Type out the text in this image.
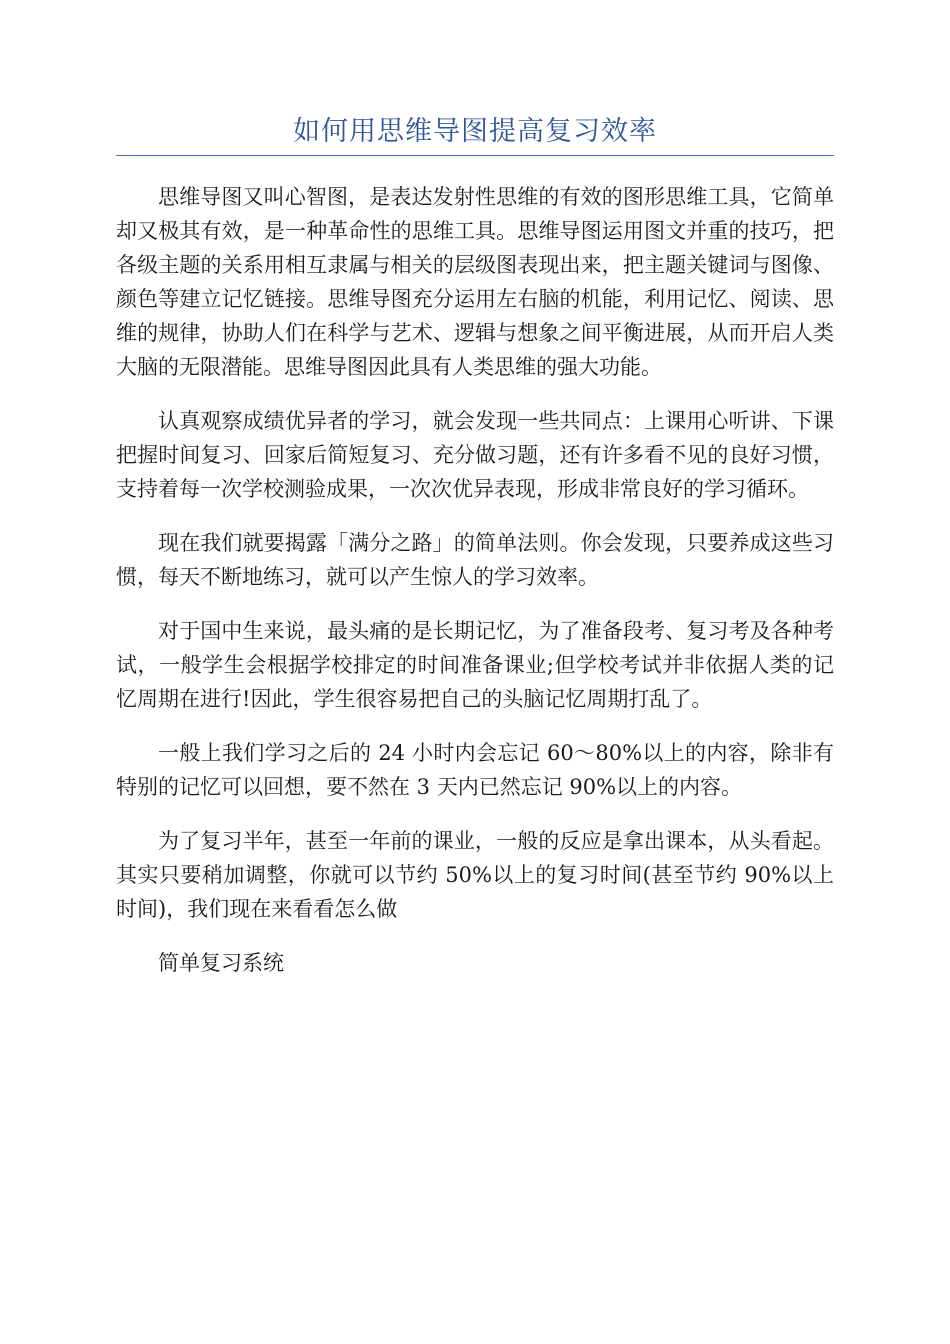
如何用思维导图提高复习效率

思维导图又叫心智图，是表达发射性思维的有效的图形思维工具，它简单却又极其有效，是一种革命性的思维工具。思维导图运用图文并重的技巧，把各级主题的关系用相互隶属与相关的层级图表现出来，把主题关键词与图像、颜色等建立记忆链接。思维导图充分运用左右脑的机能，利用记忆、阅读、思维的规律，协助人们在科学与艺术、逻辑与想象之间平衡进展，从而开启人类大脑的无限潜能。思维导图因此具有人类思维的强大功能。

认真观察成绩优异者的学习，就会发现一些共同点：上课用心听讲、下课把握时间复习、回家后简短复习、充分做习题，还有许多看不见的良好习惯，支持着每一次学校测验成果，一次次优异表现，形成非常良好的学习循环。

现在我们就要揭露「满分之路」的简单法则。你会发现，只要养成这些习惯，每天不断地练习，就可以产生惊人的学习效率。

对于国中生来说，最头痛的是长期记忆，为了准备段考、复习考及各种考试，一般学生会根据学校排定的时间准备课业;但学校考试并非依据人类的记忆周期在进行!因此，学生很容易把自己的头脑记忆周期打乱了。

一般上我们学习之后的 24 小时内会忘记 60～80%以上的内容，除非有特别的记忆可以回想，要不然在 3 天内已然忘记 90%以上的内容。

为了复习半年，甚至一年前的课业，一般的反应是拿出课本，从头看起。其实只要稍加调整，你就可以节约 50%以上的复习时间(甚至节约 90%以上时间)，我们现在来看看怎么做

简单复习系统
